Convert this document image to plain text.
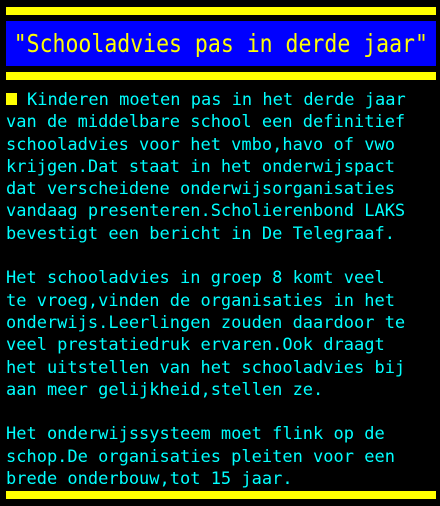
"Schooladvies pas in derde jaar"
Kinderen moeten pas in het derde jaar
van de middelbare school een definitief
schooladvies voor het vmbo,havo of vwo
krijgen.Dat staat in het onderwijspact
dat verscheidene onderwijsorganisaties
vandaag presenteren.Scholierenbond LAKS
bevestigt een bericht in De Telegraaf.
Het schooladvies in groep 8 komt veel
te vroeg,vinden de organisaties in het
onderwijs.Leerlingen zouden daardoor te
veel prestatiedruk ervaren.Ook draagt
het uitstellen van het schooladvies bij
aan meer gelijkheid,stellen ze.
Het onderwijssysteem moet flink op de
schop.De organisaties pleiten voor een
brede onderbouw,tot 15 jaar.
